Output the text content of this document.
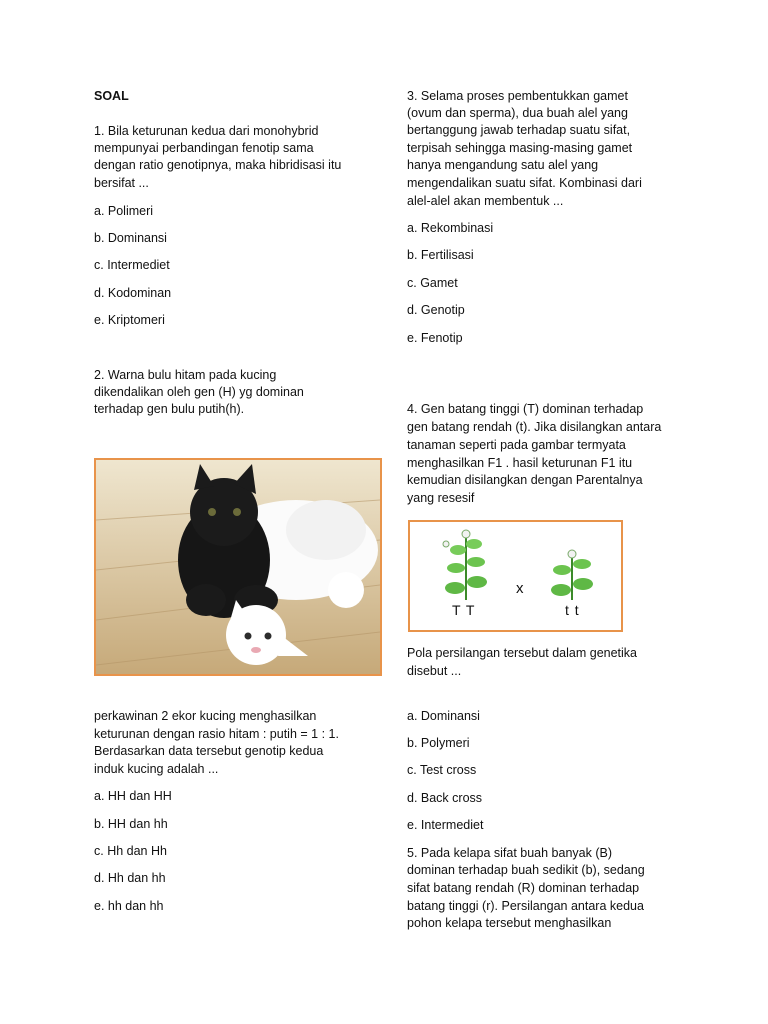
SOAL
1. Bila keturunan kedua dari monohybrid
mempunyai perbandingan fenotip sama
dengan ratio genotipnya, maka hibridisasi itu
bersifat ...
a. Polimeri
b. Dominansi
c. Intermediet
d. Kodominan
e. Kriptomeri
2. Warna bulu hitam pada kucing
dikendalikan oleh gen (H) yg dominan
terhadap gen bulu putih(h).
perkawinan 2 ekor kucing menghasilkan
keturunan dengan rasio hitam : putih = 1 : 1.
Berdasarkan data tersebut genotip kedua
induk kucing adalah ...
a. HH dan HH
b. HH dan hh
c. Hh dan Hh
d. Hh dan hh
e. hh dan hh
3. Selama proses pembentukkan gamet
(ovum dan sperma), dua buah alel yang
bertanggung jawab terhadap suatu sifat,
terpisah sehingga masing-masing gamet
hanya mengandung satu alel yang
mengendalikan suatu sifat. Kombinasi dari
alel-alel akan membentuk ...
a. Rekombinasi
b. Fertilisasi
c. Gamet
d. Genotip
e. Fenotip
4. Gen batang tinggi (T) dominan terhadap
gen batang rendah (t). Jika disilangkan antara
tanaman seperti pada gambar termyata
menghasilkan F1 . hasil keturunan F1 itu
kemudian disilangkan dengan Parentalnya
yang resesif
T T
x
t t
Pola persilangan tersebut dalam genetika
disebut ...
a. Dominansi
b. Polymeri
c. Test cross
d. Back cross
e. Intermediet
5. Pada kelapa sifat buah banyak (B)
dominan terhadap buah sedikit (b), sedang
sifat batang rendah (R) dominan terhadap
batang tinggi (r). Persilangan antara kedua
pohon kelapa tersebut menghasilkan
